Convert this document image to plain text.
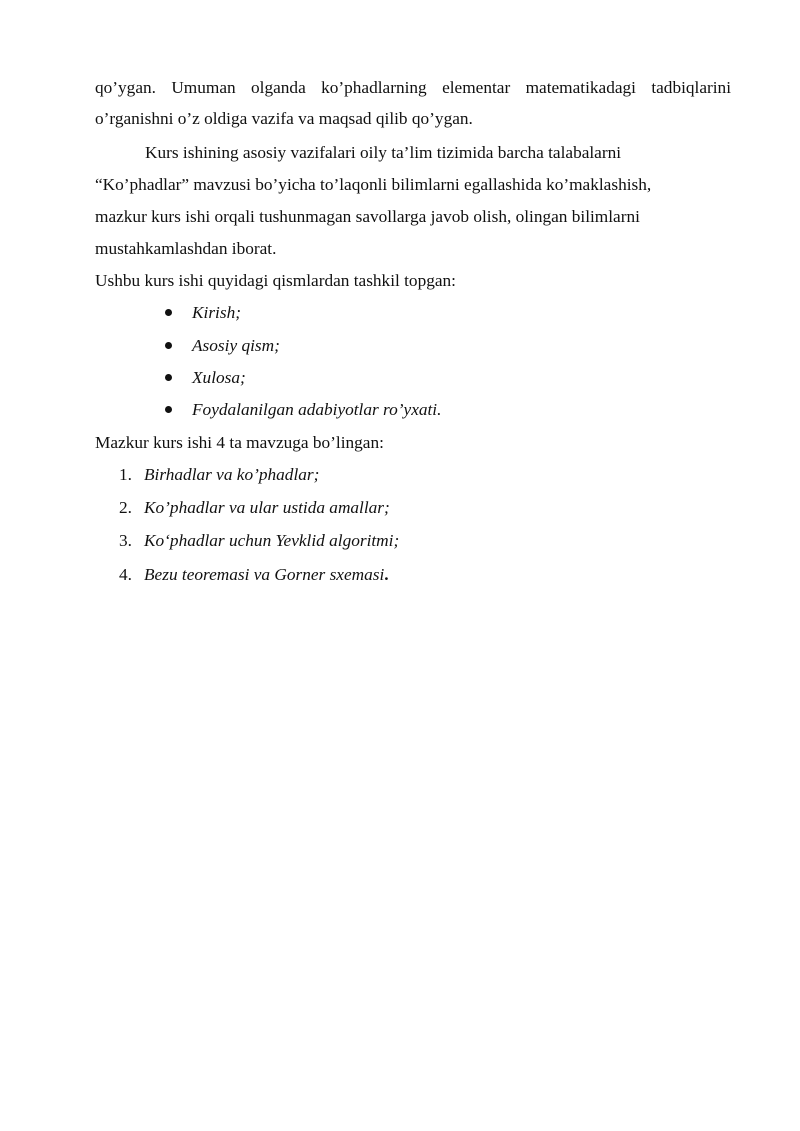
qo’ygan. Umuman olganda ko’phadlarning elementar matematikadagi tadbiqlarini
o’rganishni o’z oldiga vazifa va maqsad qilib qo’ygan.
Kurs ishining asosiy vazifalari oily ta’lim tizimida barcha talabalarni
“Ko’phadlar” mavzusi bo’yicha to’laqonli bilimlarni egallashida ko’maklashish,
mazkur kurs ishi orqali tushunmagan savollarga javob olish, olingan bilimlarni
mustahkamlashdan iborat.
Ushbu kurs ishi quyidagi qismlardan tashkil topgan:
Kirish;
Asosiy qism;
Xulosa;
Foydalanilgan adabiyotlar ro’yxati.
Mazkur kurs ishi 4 ta mavzuga bo’lingan:
1. Birhadlar va ko’phadlar;
2. Ko’phadlar va ular ustida amallar;
3. Ko‘phadlar uchun Yevklid algoritmi;
4. Bezu teoremasi va Gorner sxemasi.
